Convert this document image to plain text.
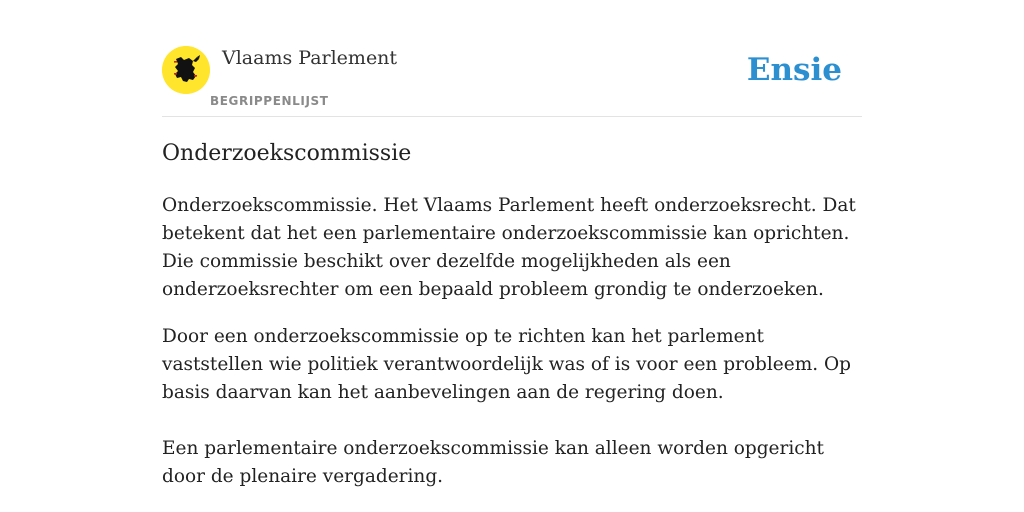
Vlaams Parlement
BEGRIPPENLIJST
Ensie
Onderzoekscommissie

Onderzoekscommissie. Het Vlaams Parlement heeft onderzoeksrecht. Dat betekent dat het een parlementaire onderzoekscommissie kan oprichten. Die commissie beschikt over dezelfde mogelijkheden als een onderzoeksrechter om een bepaald probleem grondig te onderzoeken.

Door een onderzoekscommissie op te richten kan het parlement vaststellen wie politiek verantwoordelijk was of is voor een probleem. Op basis daarvan kan het aanbevelingen aan de regering doen.

Een parlementaire onderzoekscommissie kan alleen worden opgericht door de plenaire vergadering.
